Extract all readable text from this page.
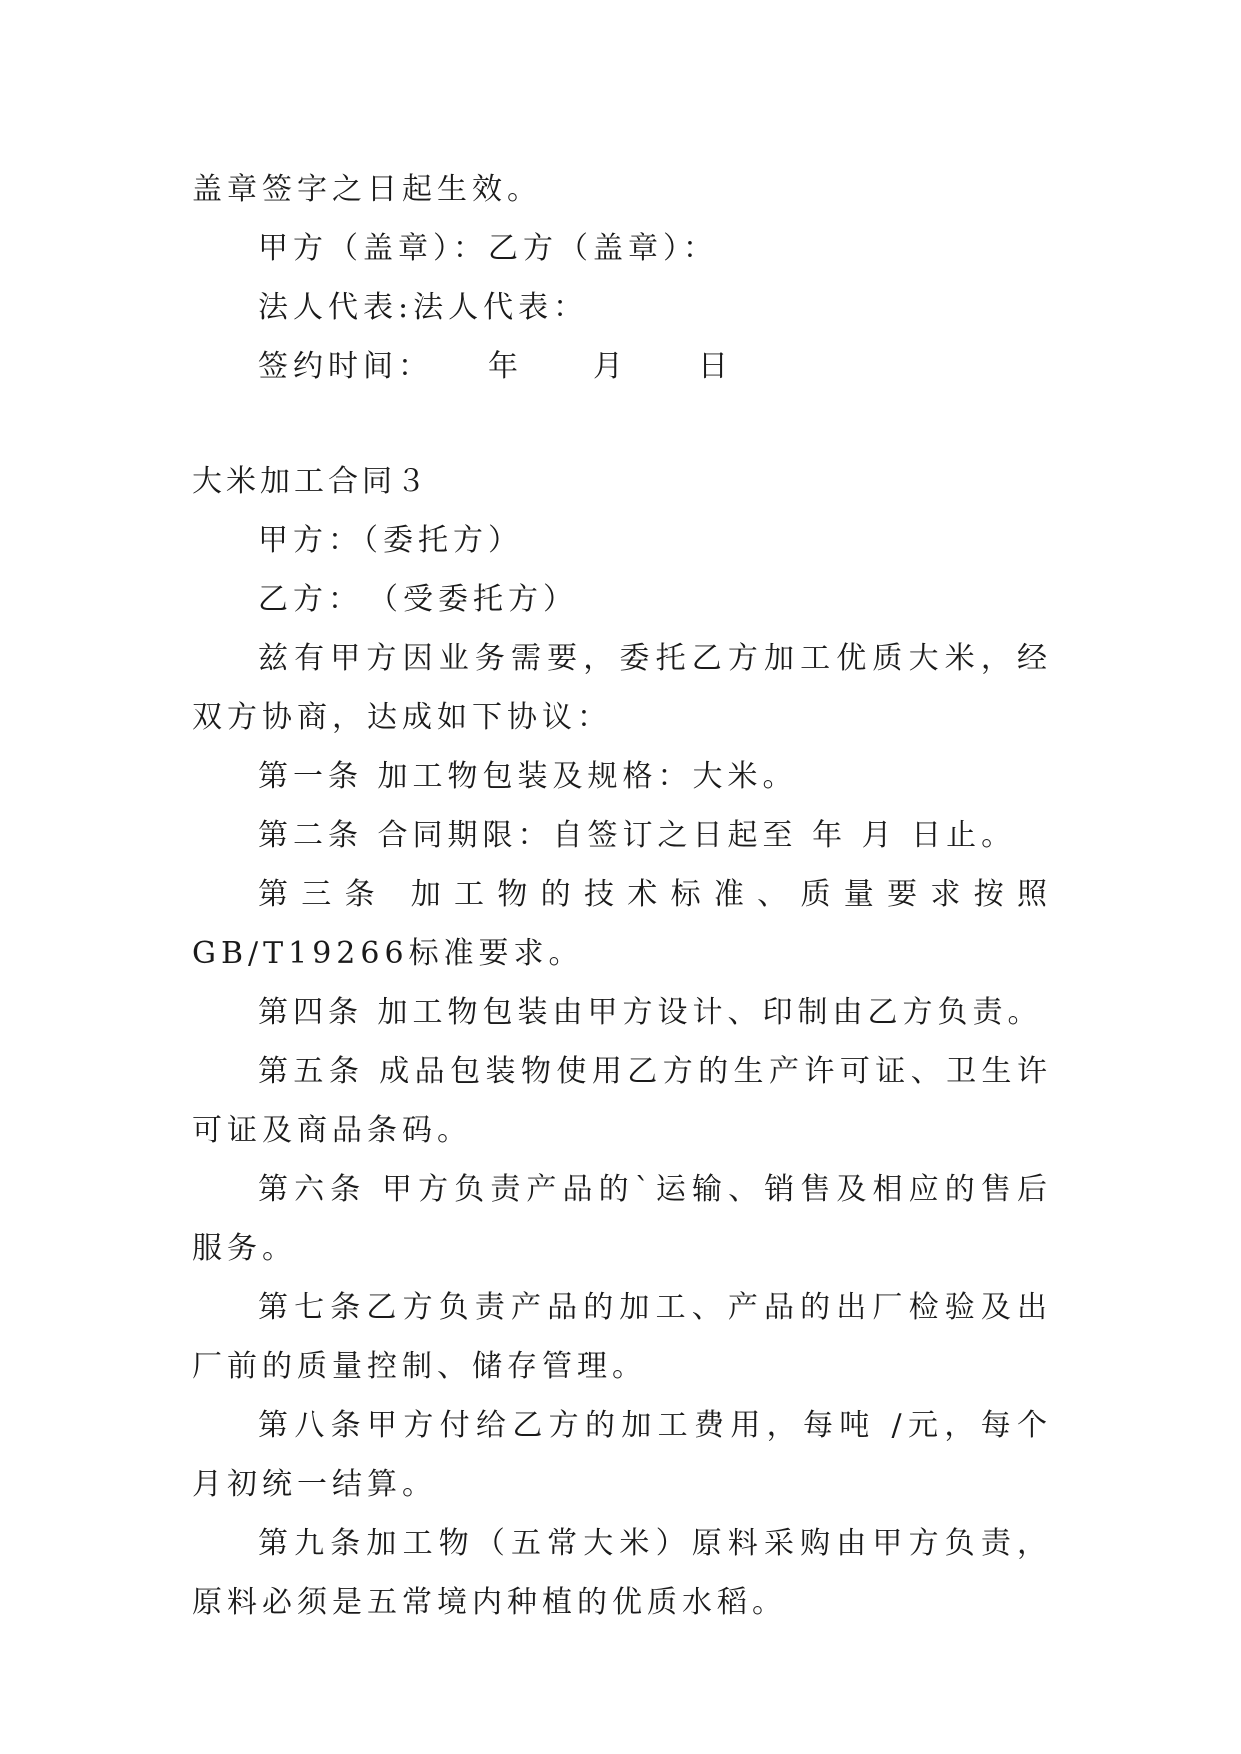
盖章签字之日起生效。

甲方（盖章）：乙方（盖章）：

法人代表:法人代表：

签约时间：　　年　　月　　日

大米加工合同３

甲方：（委托方）

乙方：　（受委托方）

兹有甲方因业务需要，委托乙方加工优质大米，经双方协商，达成如下协议：

第一条 加工物包装及规格：大米。

第二条 合同期限：自签订之日起至 年 月 日止。

第三条 加工物的技术标准、质量要求按照GB/T19266标准要求。

第四条 加工物包装由甲方设计、印制由乙方负责。

第五条 成品包装物使用乙方的生产许可证、卫生许可证及商品条码。

第六条 甲方负责产品的`运输、销售及相应的售后服务。

第七条乙方负责产品的加工、产品的出厂检验及出厂前的质量控制、储存管理。

第八条甲方付给乙方的加工费用，每吨 /元，每个月初统一结算。

第九条加工物（五常大米）原料采购由甲方负责，原料必须是五常境内种植的优质水稻。
